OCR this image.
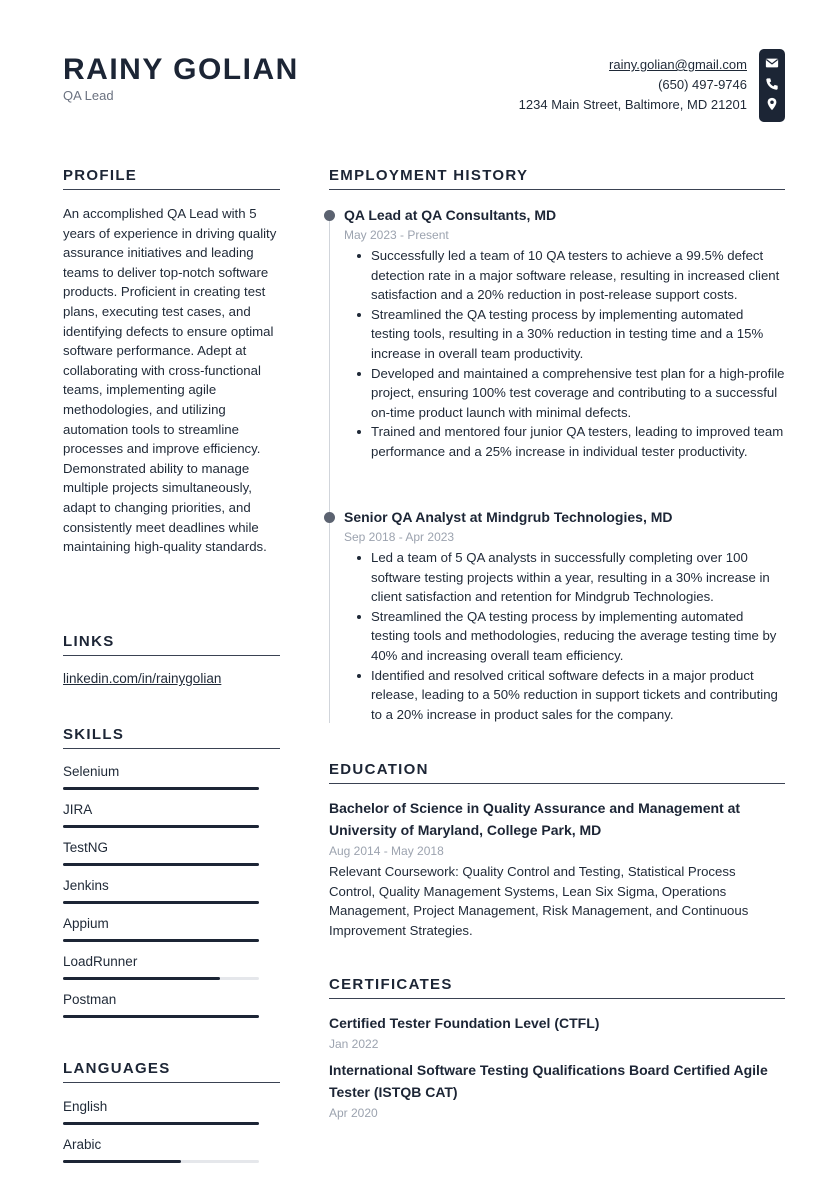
RAINY GOLIAN
QA Lead
rainy.golian@gmail.com
(650) 497-9746
1234 Main Street, Baltimore, MD 21201
PROFILE
An accomplished QA Lead with 5 years of experience in driving quality assurance initiatives and leading teams to deliver top-notch software products. Proficient in creating test plans, executing test cases, and identifying defects to ensure optimal software performance. Adept at collaborating with cross-functional teams, implementing agile methodologies, and utilizing automation tools to streamline processes and improve efficiency. Demonstrated ability to manage multiple projects simultaneously, adapt to changing priorities, and consistently meet deadlines while maintaining high-quality standards.
LINKS
linkedin.com/in/rainygolian
SKILLS
Selenium
JIRA
TestNG
Jenkins
Appium
LoadRunner
Postman
LANGUAGES
English
Arabic
EMPLOYMENT HISTORY
QA Lead at QA Consultants, MD
May 2023 - Present
Successfully led a team of 10 QA testers to achieve a 99.5% defect detection rate in a major software release, resulting in increased client satisfaction and a 20% reduction in post-release support costs.
Streamlined the QA testing process by implementing automated testing tools, resulting in a 30% reduction in testing time and a 15% increase in overall team productivity.
Developed and maintained a comprehensive test plan for a high-profile project, ensuring 100% test coverage and contributing to a successful on-time product launch with minimal defects.
Trained and mentored four junior QA testers, leading to improved team performance and a 25% increase in individual tester productivity.
Senior QA Analyst at Mindgrub Technologies, MD
Sep 2018 - Apr 2023
Led a team of 5 QA analysts in successfully completing over 100 software testing projects within a year, resulting in a 30% increase in client satisfaction and retention for Mindgrub Technologies.
Streamlined the QA testing process by implementing automated testing tools and methodologies, reducing the average testing time by 40% and increasing overall team efficiency.
Identified and resolved critical software defects in a major product release, leading to a 50% reduction in support tickets and contributing to a 20% increase in product sales for the company.
EDUCATION
Bachelor of Science in Quality Assurance and Management at University of Maryland, College Park, MD
Aug 2014 - May 2018
Relevant Coursework: Quality Control and Testing, Statistical Process Control, Quality Management Systems, Lean Six Sigma, Operations Management, Project Management, Risk Management, and Continuous Improvement Strategies.
CERTIFICATES
Certified Tester Foundation Level (CTFL)
Jan 2022
International Software Testing Qualifications Board Certified Agile Tester (ISTQB CAT)
Apr 2020
